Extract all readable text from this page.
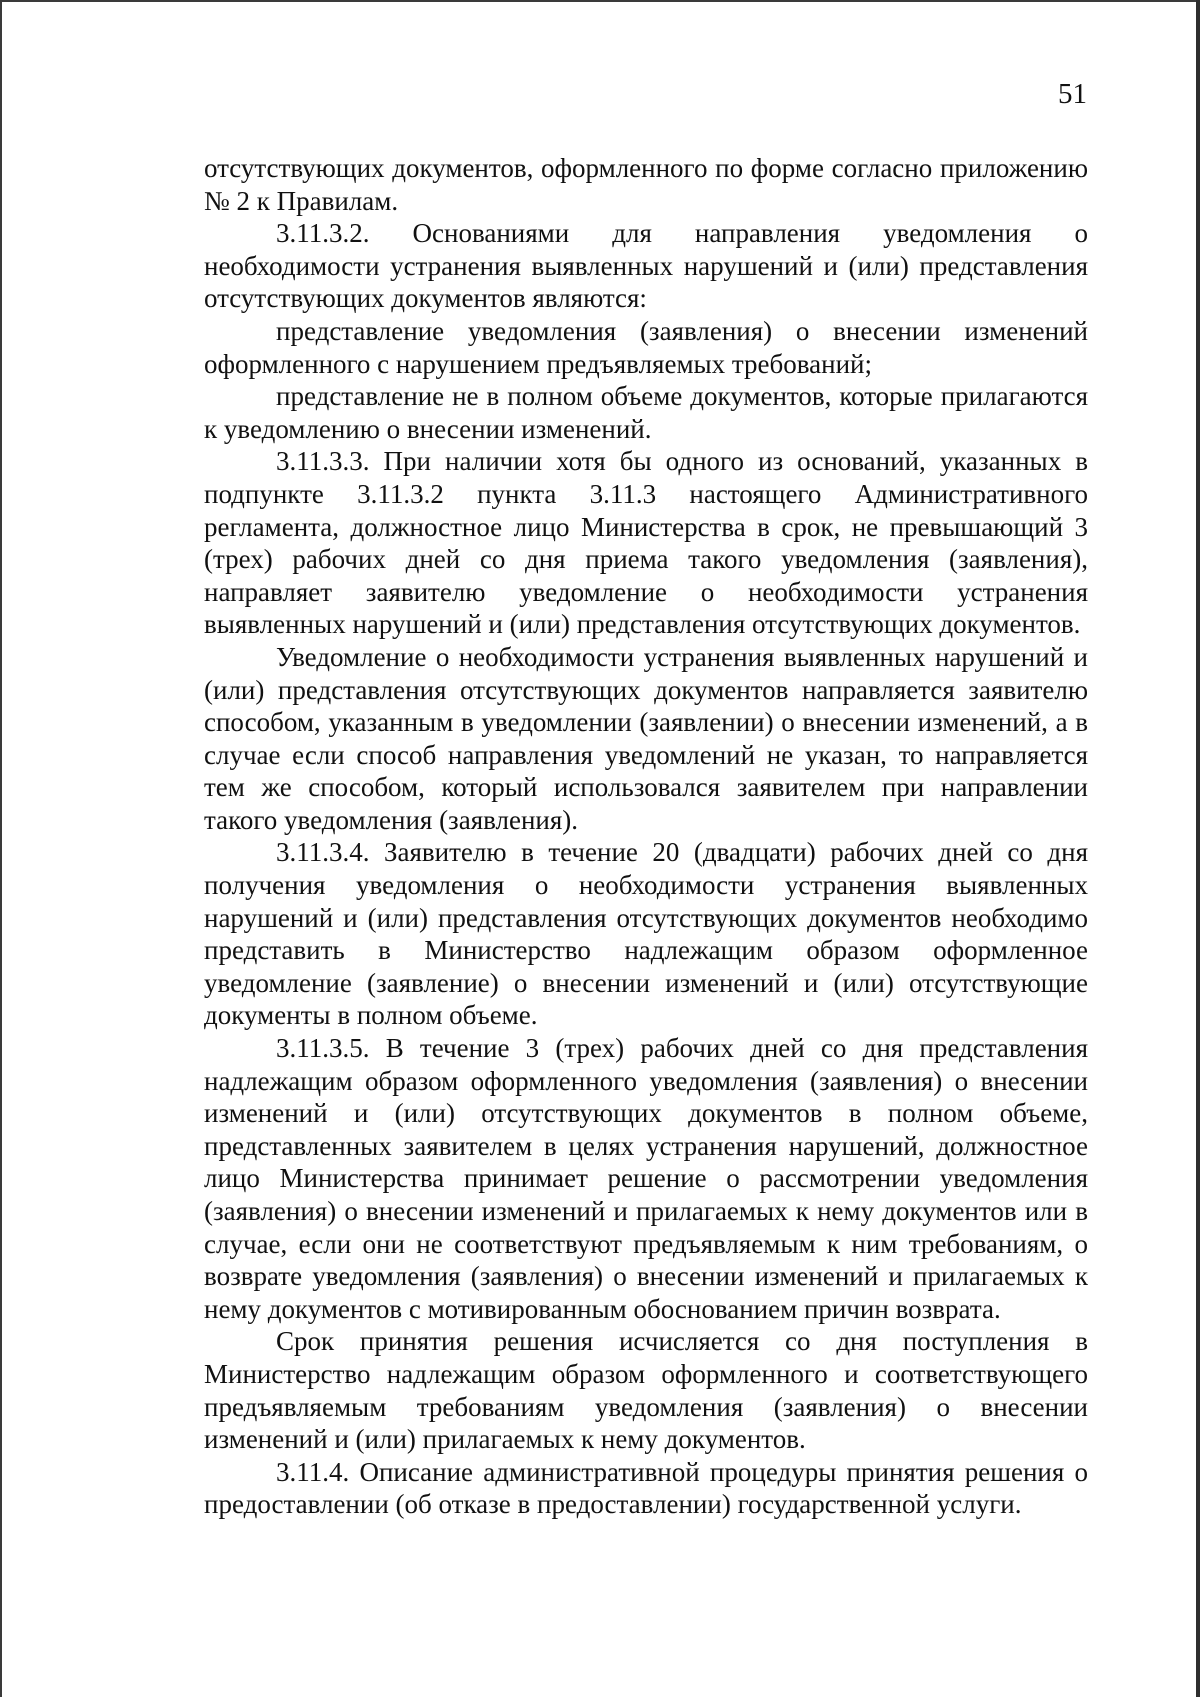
51

отсутствующих документов, оформленного по форме согласно приложению № 2 к Правилам.

3.11.3.2. Основаниями для направления уведомления о необходимости устранения выявленных нарушений и (или) представления отсутствующих документов являются:

представление уведомления (заявления) о внесении изменений оформленного с нарушением предъявляемых требований;

представление не в полном объеме документов, которые прилагаются к уведомлению о внесении изменений.

3.11.3.3. При наличии хотя бы одного из оснований, указанных в подпункте 3.11.3.2 пункта 3.11.3 настоящего Административного регламента, должностное лицо Министерства в срок, не превышающий 3 (трех) рабочих дней со дня приема такого уведомления (заявления), направляет заявителю уведомление о необходимости устранения выявленных нарушений и (или) представления отсутствующих документов.

Уведомление о необходимости устранения выявленных нарушений и (или) представления отсутствующих документов направляется заявителю способом, указанным в уведомлении (заявлении) о внесении изменений, а в случае если способ направления уведомлений не указан, то направляется тем же способом, который использовался заявителем при направлении такого уведомления (заявления).

3.11.3.4. Заявителю в течение 20 (двадцати) рабочих дней со дня получения уведомления о необходимости устранения выявленных нарушений и (или) представления отсутствующих документов необходимо представить в Министерство надлежащим образом оформленное уведомление (заявление) о внесении изменений и (или) отсутствующие документы в полном объеме.

3.11.3.5. В течение 3 (трех) рабочих дней со дня представления надлежащим образом оформленного уведомления (заявления) о внесении изменений и (или) отсутствующих документов в полном объеме, представленных заявителем в целях устранения нарушений, должностное лицо Министерства принимает решение о рассмотрении уведомления (заявления) о внесении изменений и прилагаемых к нему документов или в случае, если они не соответствуют предъявляемым к ним требованиям, о возврате уведомления (заявления) о внесении изменений и прилагаемых к нему документов с мотивированным обоснованием причин возврата.

Срок принятия решения исчисляется со дня поступления в Министерство надлежащим образом оформленного и соответствующего предъявляемым требованиям уведомления (заявления) о внесении изменений и (или) прилагаемых к нему документов.

3.11.4. Описание административной процедуры принятия решения о предоставлении (об отказе в предоставлении) государственной услуги.
